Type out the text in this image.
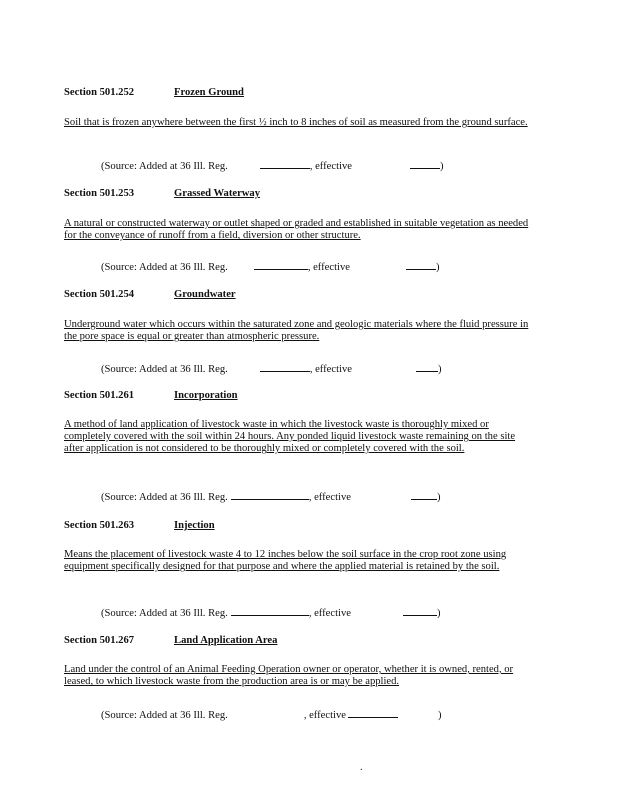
Section 501.252	Frozen Ground

Soil that is frozen anywhere between the first ½ inch to 8 inches of soil as measured from the ground surface.

(Source: Added at 36 Ill. Reg.	, effective	)
Section 501.253	Grassed Waterway

A natural or constructed waterway or outlet shaped or graded and established in suitable vegetation as needed for the conveyance of runoff from a field, diversion or other structure.

(Source: Added at 36 Ill. Reg.	, effective	)
Section 501.254	Groundwater

Underground water which occurs within the saturated zone and geologic materials where the fluid pressure in the pore space is equal or greater than atmospheric pressure.

(Source: Added at 36 Ill. Reg.	, effective	)
Section 501.261	Incorporation

A method of land application of livestock waste in which the livestock waste is thoroughly mixed or completely covered with the soil within 24 hours. Any ponded liquid livestock waste remaining on the site after application is not considered to be thoroughly mixed or completely covered with the soil.

(Source: Added at 36 Ill. Reg.	, effective	)
Section 501.263	Injection

Means the placement of livestock waste 4 to 12 inches below the soil surface in the crop root zone using equipment specifically designed for that purpose and where the applied material is retained by the soil.

(Source: Added at 36 Ill. Reg.	, effective	)
Section 501.267	Land Application Area

Land under the control of an Animal Feeding Operation owner or operator, whether it is owned, rented, or leased, to which livestock waste from the production area is or may be applied.

(Source: Added at 36 Ill. Reg.	, effective	)
.
